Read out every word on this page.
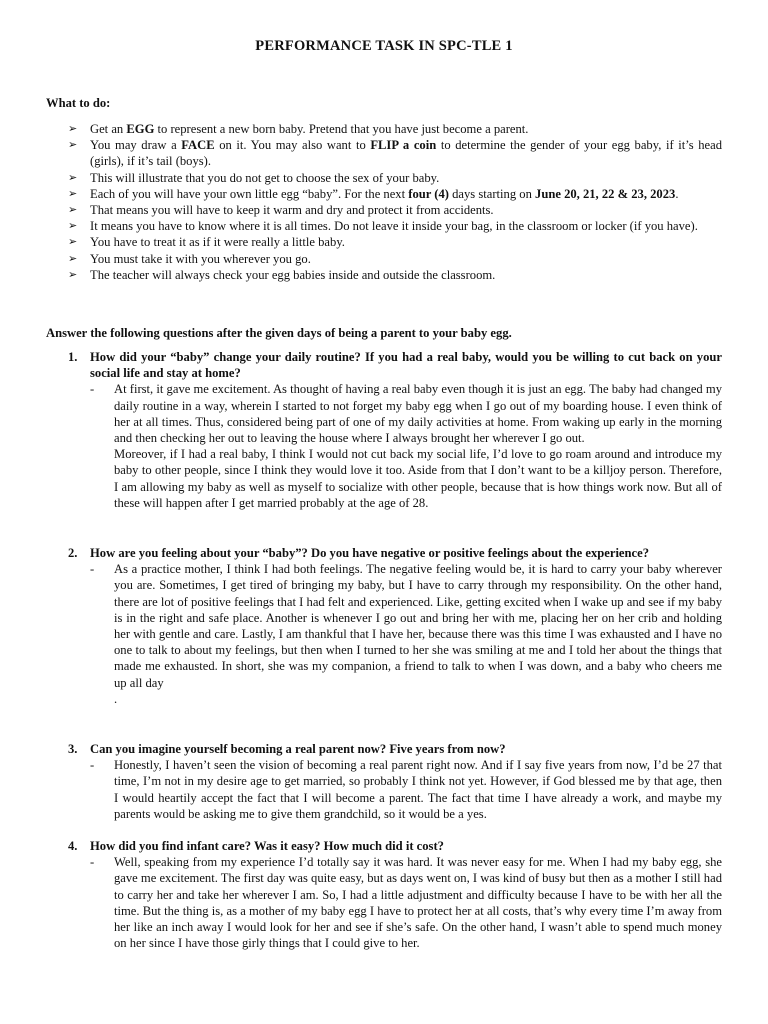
PERFORMANCE TASK IN SPC-TLE 1
What to do:
➢ Get an EGG to represent a new born baby. Pretend that you have just become a parent.
➢ You may draw a FACE on it. You may also want to FLIP a coin to determine the gender of your egg baby, if it’s head (girls), if it’s tail (boys).
➢ This will illustrate that you do not get to choose the sex of your baby.
➢ Each of you will have your own little egg “baby”. For the next four (4) days starting on June 20, 21, 22 & 23, 2023.
➢ That means you will have to keep it warm and dry and protect it from accidents.
➢ It means you have to know where it is all times. Do not leave it inside your bag, in the classroom or locker (if you have).
➢ You have to treat it as if it were really a little baby.
➢ You must take it with you wherever you go.
➢ The teacher will always check your egg babies inside and outside the classroom.
Answer the following questions after the given days of being a parent to your baby egg.
1. How did your “baby” change your daily routine? If you had a real baby, would you be willing to cut back on your social life and stay at home?
- At first, it gave me excitement. As thought of having a real baby even though it is just an egg. The baby had changed my daily routine in a way, wherein I started to not forget my baby egg when I go out of my boarding house. I even think of her at all times. Thus, considered being part of one of my daily activities at home. From waking up early in the morning and then checking her out to leaving the house where I always brought her wherever I go out.

Moreover, if I had a real baby, I think I would not cut back my social life, I’d love to go roam around and introduce my baby to other people, since I think they would love it too. Aside from that I don’t want to be a killjoy person. Therefore, I am allowing my baby as well as myself to socialize with other people, because that is how things work now. But all of these will happen after I get married probably at the age of 28.

2. How are you feeling about your “baby”? Do you have negative or positive feelings about the experience?
- As a practice mother, I think I had both feelings. The negative feeling would be, it is hard to carry your baby wherever you are. Sometimes, I get tired of bringing my baby, but I have to carry through my responsibility. On the other hand, there are lot of positive feelings that I had felt and experienced. Like, getting excited when I wake up and see if my baby is in the right and safe place. Another is whenever I go out and bring her with me, placing her on her crib and holding her with gentle and care. Lastly, I am thankful that I have her, because there was this time I was exhausted and I have no one to talk to about my feelings, but then when I turned to her she was smiling at me and I told her about the things that made me exhausted. In short, she was my companion, a friend to talk to when I was down, and a baby who cheers me up all day

.

3. Can you imagine yourself becoming a real parent now? Five years from now?
- Honestly, I haven’t seen the vision of becoming a real parent right now. And if I say five years from now, I’d be 27 that time, I’m not in my desire age to get married, so probably I think not yet. However, if God blessed me by that age, then I would heartily accept the fact that I will become a parent. The fact that time I have already a work, and maybe my parents would be asking me to give them grandchild, so it would be a yes.

4. How did you find infant care? Was it easy? How much did it cost?
- Well, speaking from my experience I’d totally say it was hard. It was never easy for me. When I had my baby egg, she gave me excitement. The first day was quite easy, but as days went on, I was kind of busy but then as a mother I still had to carry her and take her wherever I am. So, I had a little adjustment and difficulty because I have to be with her all the time. But the thing is, as a mother of my baby egg I have to protect her at all costs, that’s why every time I’m away from her like an inch away I would look for her and see if she’s safe. On the other hand, I wasn’t able to spend much money on her since I have those girly things that I could give to her.
